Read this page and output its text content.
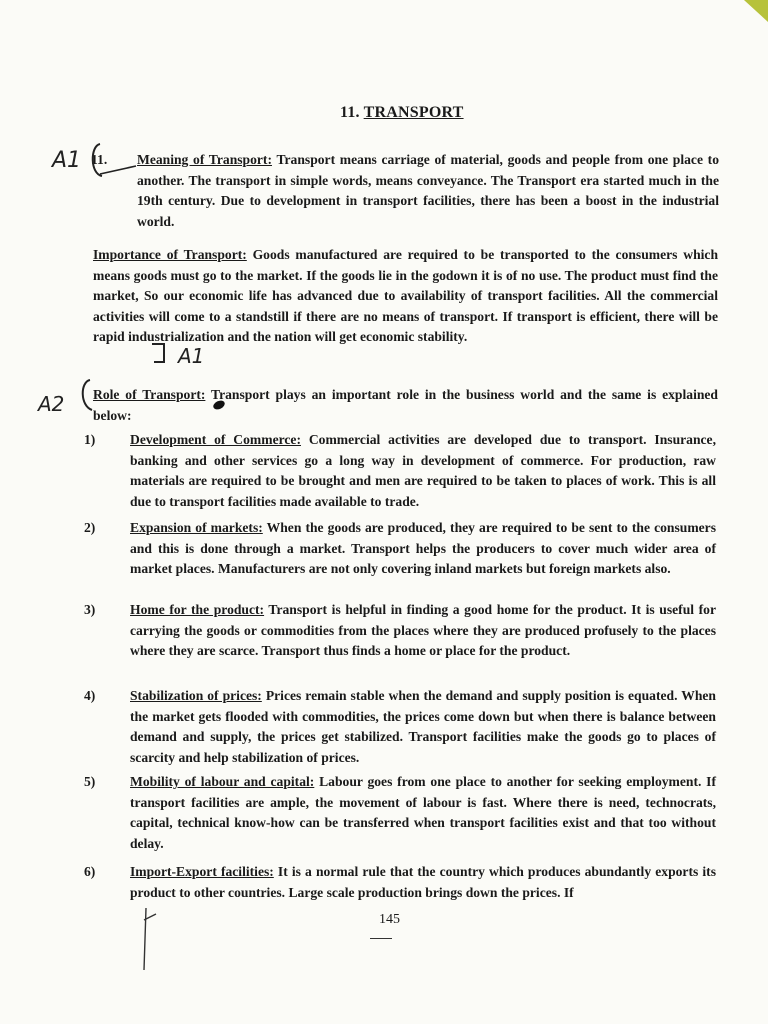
11. TRANSPORT
11. Meaning of Transport: Transport means carriage of material, goods and people from one place to another. The transport in simple words, means conveyance. The Transport era started much in the 19th century. Due to development in transport facilities, there has been a boost in the industrial world.
Importance of Transport: Goods manufactured are required to be transported to the consumers which means goods must go to the market. If the goods lie in the godown it is of no use. The product must find the market, So our economic life has advanced due to availability of transport facilities. All the commercial activities will come to a standstill if there are no means of transport. If transport is efficient, there will be rapid industrialization and the nation will get economic stability.
Role of Transport: Transport plays an important role in the business world and the same is explained below:
1)	Development of Commerce: Commercial activities are developed due to transport. Insurance, banking and other services go a long way in development of commerce. For production, raw materials are required to be brought and men are required to be taken to places of work. This is all due to transport facilities made available to trade.
2)	Expansion of markets: When the goods are produced, they are required to be sent to the consumers and this is done through a market. Transport helps the producers to cover much wider area of market places. Manufacturers are not only covering inland markets but foreign markets also.
3)	Home for the product: Transport is helpful in finding a good home for the product. It is useful for carrying the goods or commodities from the places where they are produced profusely to the places where they are scarce. Transport thus finds a home or place for the product.
4)	Stabilization of prices: Prices remain stable when the demand and supply position is equated. When the market gets flooded with commodities, the prices come down but when there is balance between demand and supply, the prices get stabilized. Transport facilities make the goods go to places of scarcity and help stabilization of prices.
5)	Mobility of labour and capital: Labour goes from one place to another for seeking employment. If transport facilities are ample, the movement of labour is fast. Where there is need, technocrats, capital, technical know-how can be transferred when transport facilities exist and that too without delay.
6)	Import-Export facilities: It is a normal rule that the country which produces abundantly exports its product to other countries. Large scale production brings down the prices. If
145
A1
A1
A2
